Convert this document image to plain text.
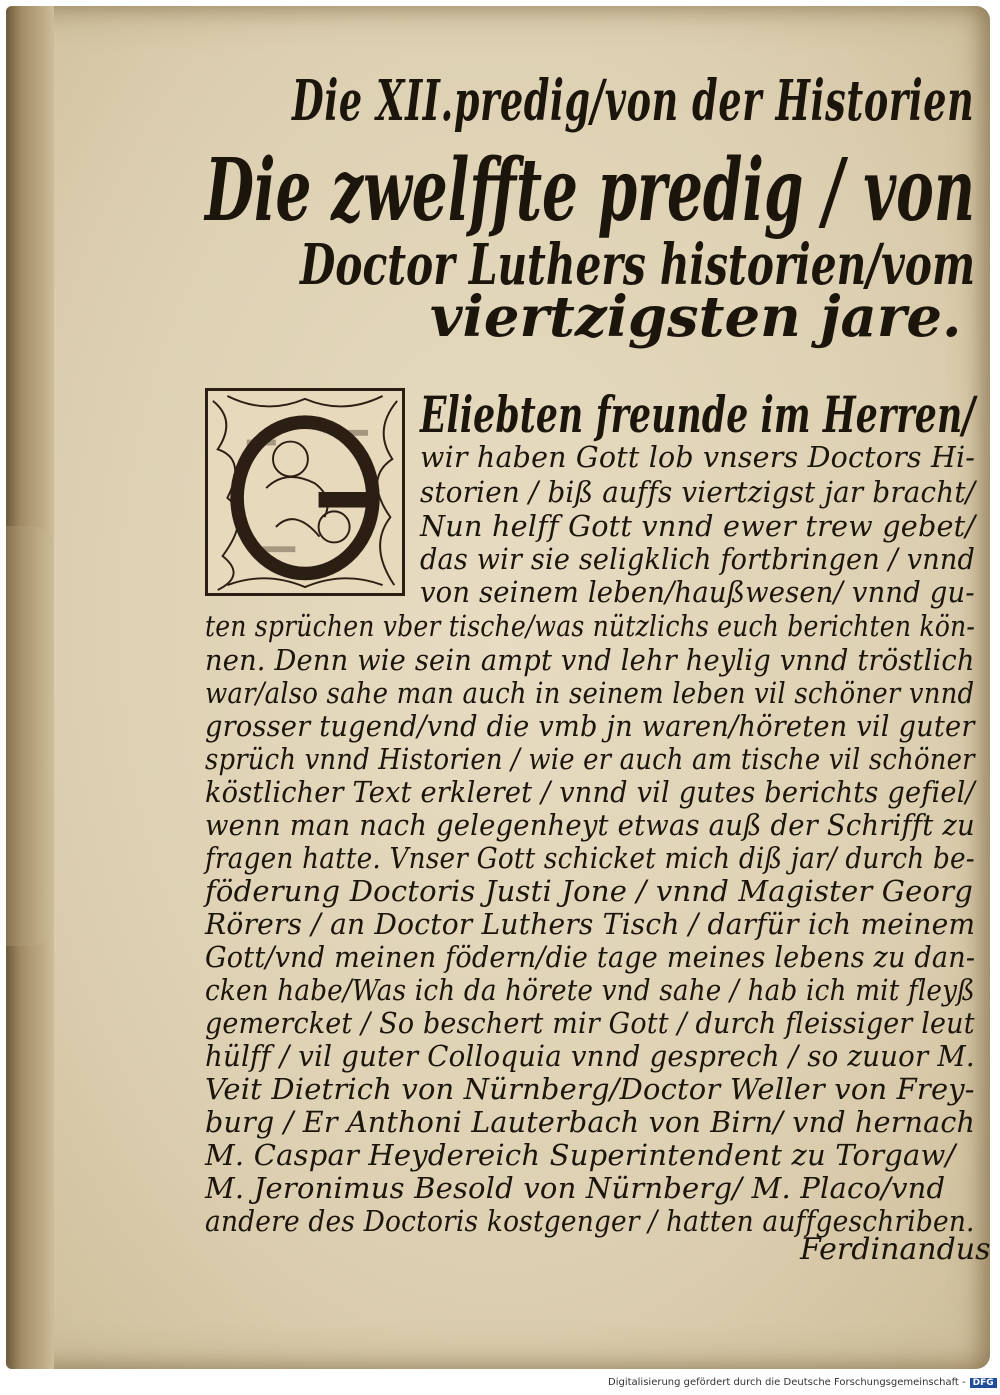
Die XII.predig/von der Historien
Die zwelffte predig / von
Doctor Luthers historien/vom
viertzigsten jare.
Eliebten freunde im Herren/
wir haben Gott lob vnsers Doctors Hi-
storien / biß auffs viertzigst jar bracht/
Nun helff Gott vnnd ewer trew gebet/
das wir sie seligklich fortbringen / vnnd
von seinem leben/haußwesen/ vnnd gu-
ten sprüchen vber tische/was nützlichs euch berichten kön-
nen. Denn wie sein ampt vnd lehr heylig vnnd tröstlich
war/also sahe man auch in seinem leben vil schöner vnnd
grosser tugend/vnd die vmb jn waren/höreten vil guter
sprüch vnnd Historien / wie er auch am tische vil schöner
köstlicher Text erkleret / vnnd vil gutes berichts gefiel/
wenn man nach gelegenheyt etwas auß der Schrifft zu
fragen hatte. Vnser Gott schicket mich diß jar/ durch be-
föderung Doctoris Justi Jone / vnnd Magister Georg
Rörers / an Doctor Luthers Tisch / darfür ich meinem
Gott/vnd meinen födern/die tage meines lebens zu dan-
cken habe/Was ich da hörete vnd sahe / hab ich mit fleyß
gemercket / So beschert mir Gott / durch fleissiger leut
hülff / vil guter Colloquia vnnd gesprech / so zuuor M.
Veit Dietrich von Nürnberg/Doctor Weller von Frey-
burg / Er Anthoni Lauterbach von Birn/ vnd hernach
M. Caspar Heydereich Superintendent zu Torgaw/
M. Jeronimus Besold von Nürnberg/ M. Placo/vnd
andere des Doctoris kostgenger / hatten auffgeschriben.
Ferdinandus
Digitalisierung gefördert durch die Deutsche Forschungsgemeinschaft - DFG
